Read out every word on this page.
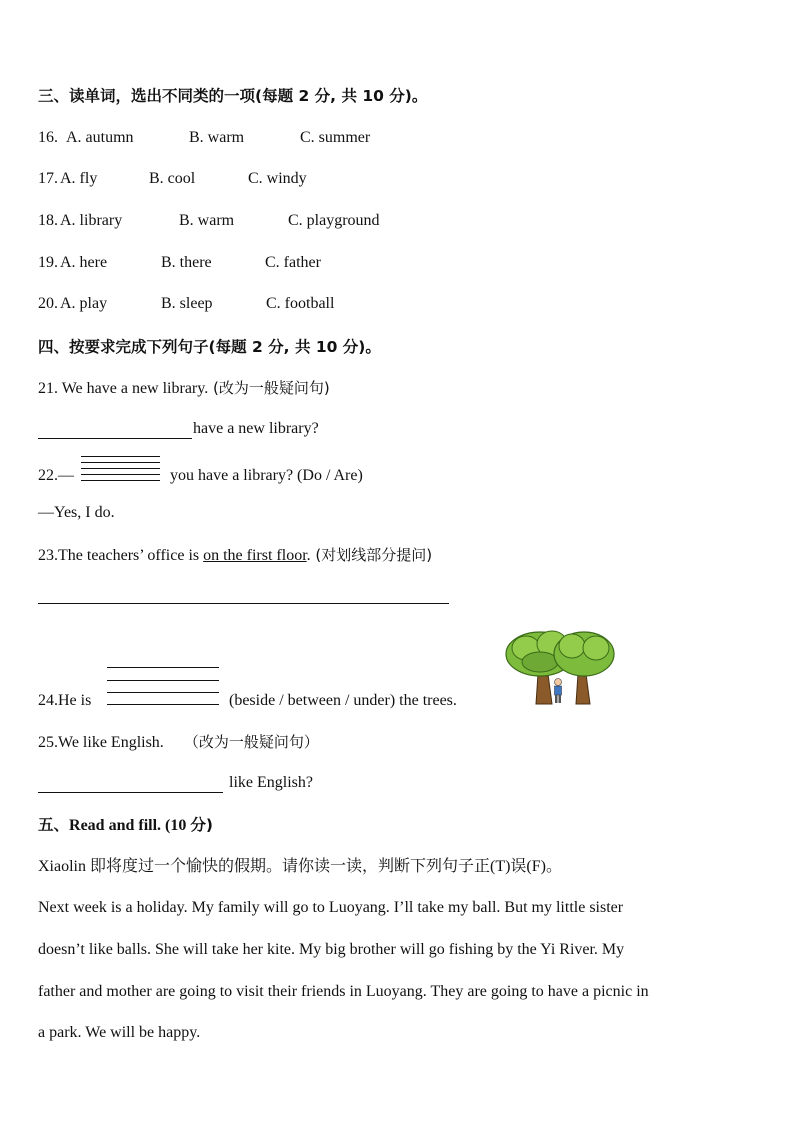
三、读单词，选出不同类的一项(每题 2 分, 共 10 分)。
16. A. autumn	B. warm	C. summer
17. A. fly	B. cool	C. windy
18. A. library	B. warm	C. playground
19. A. here	B. there	C. father
20. A. play	B. sleep	C. football
四、按要求完成下列句子(每题 2 分, 共 10 分)。
21. We have a new library. (改为一般疑问句)
have a new library?
22.—	you have a library? (Do / Are)
—Yes, I do.
23.The teachers’ office is on the first floor. (对划线部分提问)
24.He is	(beside / between / under) the trees.
25.We like English. （改为一般疑问句）
like English?
五、Read and fill. (10 分)
Xiaolin 即将度过一个愉快的假期。请你读一读，判断下列句子正(T)误(F)。
Next week is a holiday. My family will go to Luoyang. I’ll take my ball. But my little sister
doesn’t like balls. She will take her kite. My big brother will go fishing by the Yi River. My
father and mother are going to visit their friends in Luoyang. They are going to have a picnic in
a park. We will be happy.
